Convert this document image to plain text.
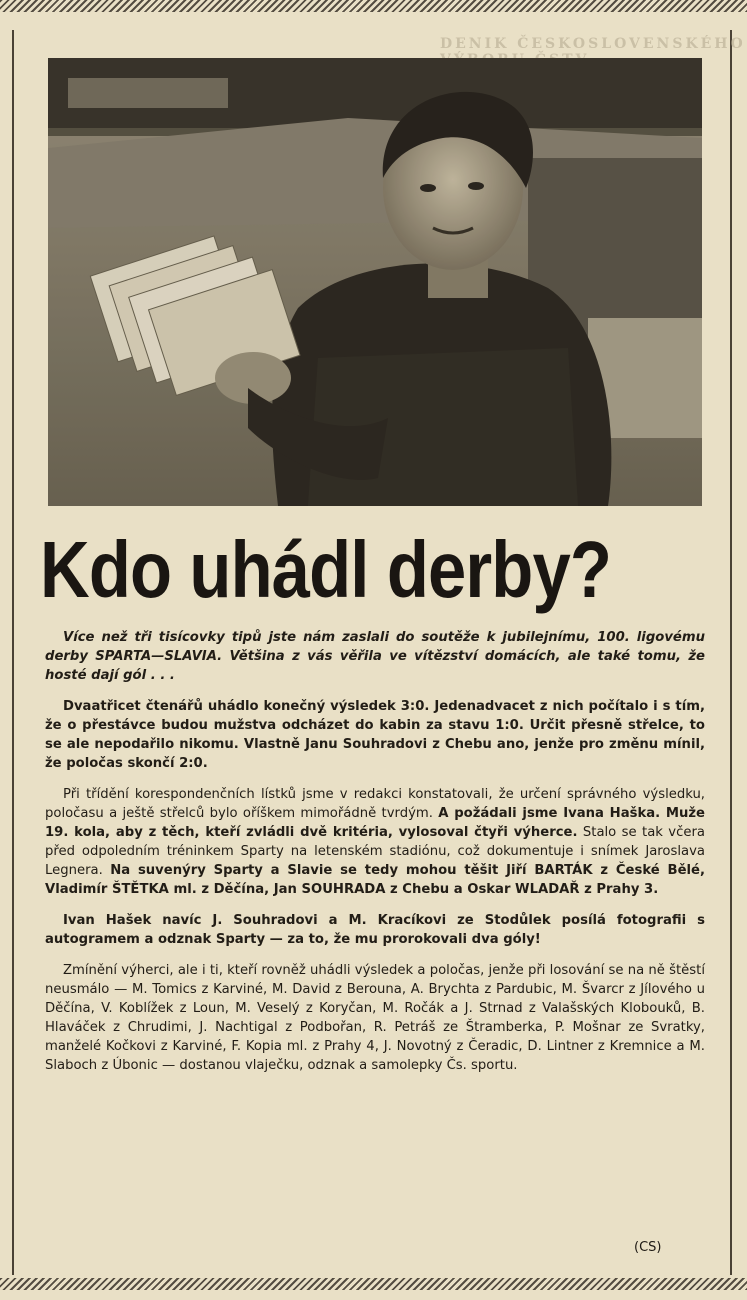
DENIK ČESKOSLOVENSKÉHO
Kdo uhádl derby?

Více než tři tisícovky tipů jste nám zaslali do soutěže k jubilejnímu, 100. ligovému derby SPARTA—SLAVIA. Většina z vás věřila ve vítězství domácích, ale také tomu, že hosté dají gól . . .

Dvaatřicet čtenářů uhádlo konečný výsledek 3:0. Jedenadvacet z nich počítalo i s tím, že o přestávce budou mužstva odcházet do kabin za stavu 1:0. Určit přesně střelce, to se ale nepodařilo nikomu. Vlastně Janu Souhradovi z Chebu ano, jenže pro změnu mínil, že poločas skončí 2:0.

Při třídění korespondenčních lístků jsme v redakci konstatovali, že určení správného výsledku, poločasu a ještě střelců bylo oříškem mimořádně tvrdým. A požádali jsme Ivana Haška. Muže 19. kola, aby z těch, kteří zvládli dvě kritéria, vylosoval čtyři výherce. Stalo se tak včera před odpoledním tréninkem Sparty na letenském stadiónu, což dokumentuje i snímek Jaroslava Legnera. Na suvenýry Sparty a Slavie se tedy mohou těšit Jiří BARTÁK z České Bělé, Vladimír ŠTĚTKA ml. z Děčína, Jan SOUHRADA z Chebu a Oskar WLADAŘ z Prahy 3.

Ivan Hašek navíc J. Souhradovi a M. Kracíkovi ze Stodůlek posílá fotografii s autogramem a odznak Sparty — za to, že mu prorokovali dva góly!

Zmínění výherci, ale i ti, kteří rovněž uhádli výsledek a poločas, jenže při losování se na ně štěstí neusmálo — M. Tomics z Karviné, M. David z Berouna, A. Brychta z Pardubic, M. Švarcr z Jílového u Děčína, V. Koblížek z Loun, M. Veselý z Koryčan, M. Ročák a J. Strnad z Valašských Klobouků, B. Hlaváček z Chrudimi, J. Nachtigal z Podbořan, R. Petráš ze Štramberka, P. Mošnar ze Svratky, manželé Kočkovi z Karviné, F. Kopia ml. z Prahy 4, J. Novotný z Čeradic, D. Lintner z Kremnice a M. Slaboch z Úbonic — dostanou vlaječku, odznak a samolepky Čs. sportu.

(CS)
